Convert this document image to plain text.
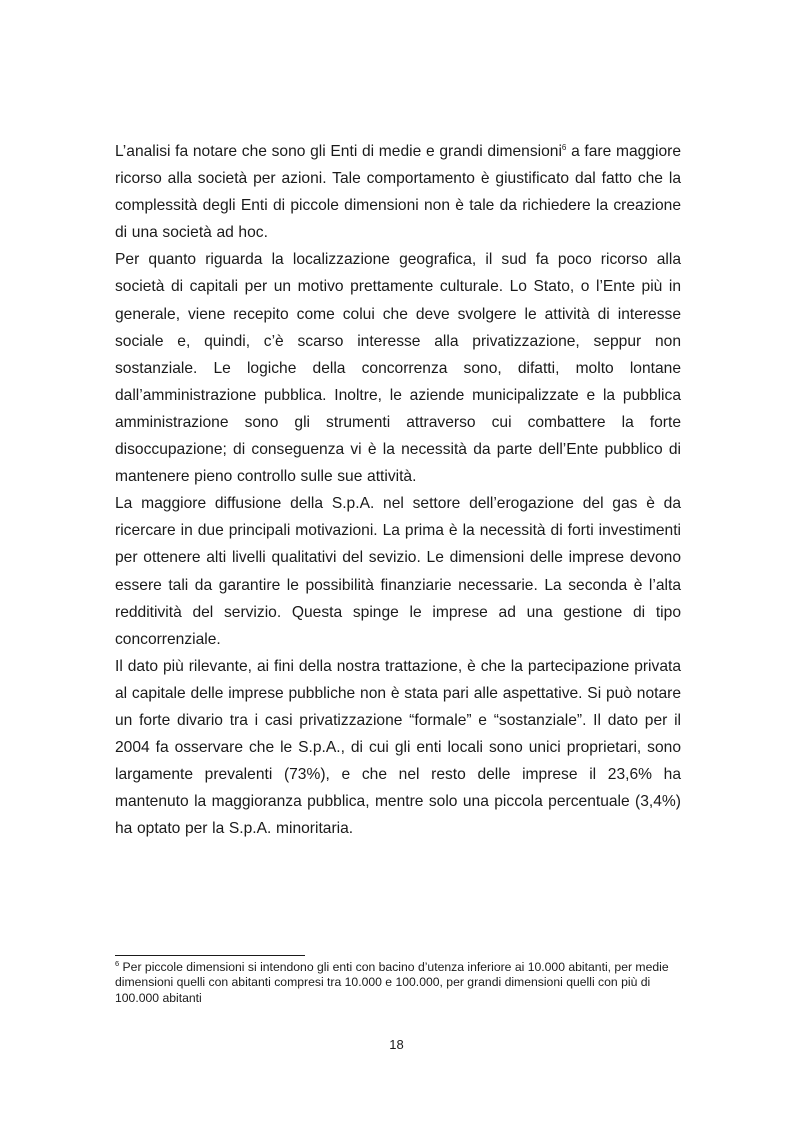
L’analisi fa notare che sono gli Enti di medie e grandi dimensioni$^6$ a fare maggiore ricorso alla società per azioni. Tale comportamento è giustificato dal fatto che la complessità degli Enti di piccole dimensioni non è tale da richiedere la creazione di una società ad hoc.

Per quanto riguarda la localizzazione geografica, il sud fa poco ricorso alla società di capitali per un motivo prettamente culturale. Lo Stato, o l’Ente più in generale, viene recepito come colui che deve svolgere le attività di interesse sociale e, quindi, c’è scarso interesse alla privatizzazione, seppur non sostanziale. Le logiche della concorrenza sono, difatti, molto lontane dall’amministrazione pubblica. Inoltre, le aziende municipalizzate e la pubblica amministrazione sono gli strumenti attraverso cui combattere la forte disoccupazione; di conseguenza vi è la necessità da parte dell’Ente pubblico di mantenere pieno controllo sulle sue attività.

La maggiore diffusione della S.p.A. nel settore dell’erogazione del gas è da ricercare in due principali motivazioni. La prima è la necessità di forti investimenti per ottenere alti livelli qualitativi del sevizio. Le dimensioni delle imprese devono essere tali da garantire le possibilità finanziarie necessarie. La seconda è l’alta redditività del servizio. Questa spinge le imprese ad una gestione di tipo concorrenziale.

Il dato più rilevante, ai fini della nostra trattazione, è che la partecipazione privata al capitale delle imprese pubbliche non è stata pari alle aspettative. Si può notare un forte divario tra i casi privatizzazione “formale” e “sostanziale”. Il dato per il 2004 fa osservare che le S.p.A., di cui gli enti locali sono unici proprietari, sono largamente prevalenti (73%), e che nel resto delle imprese il 23,6% ha mantenuto la maggioranza pubblica, mentre solo una piccola percentuale (3,4%) ha optato per la S.p.A. minoritaria.

$^6$ Per piccole dimensioni si intendono gli enti con bacino d’utenza inferiore ai 10.000 abitanti, per medie dimensioni quelli con abitanti compresi tra 10.000 e 100.000, per grandi dimensioni quelli con più di 100.000 abitanti
18
